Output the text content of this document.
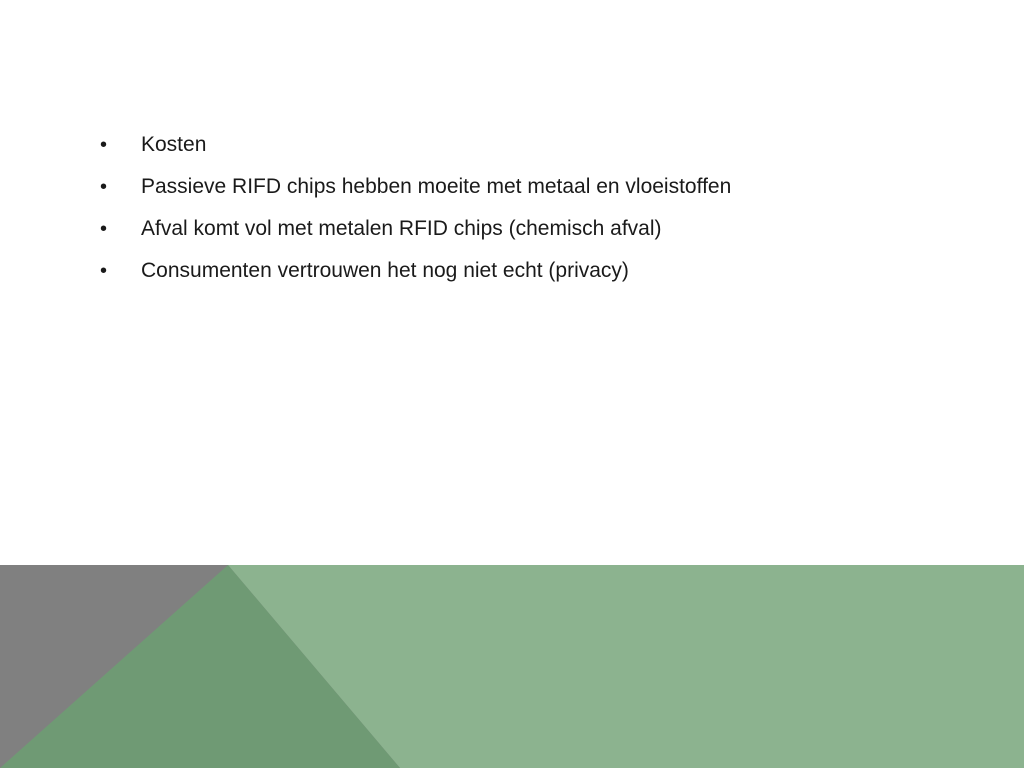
•	Kosten
•	Passieve RIFD chips hebben moeite met metaal en vloeistoffen
•	Afval komt vol met metalen RFID chips (chemisch afval)
•	Consumenten vertrouwen het nog niet echt (privacy)
